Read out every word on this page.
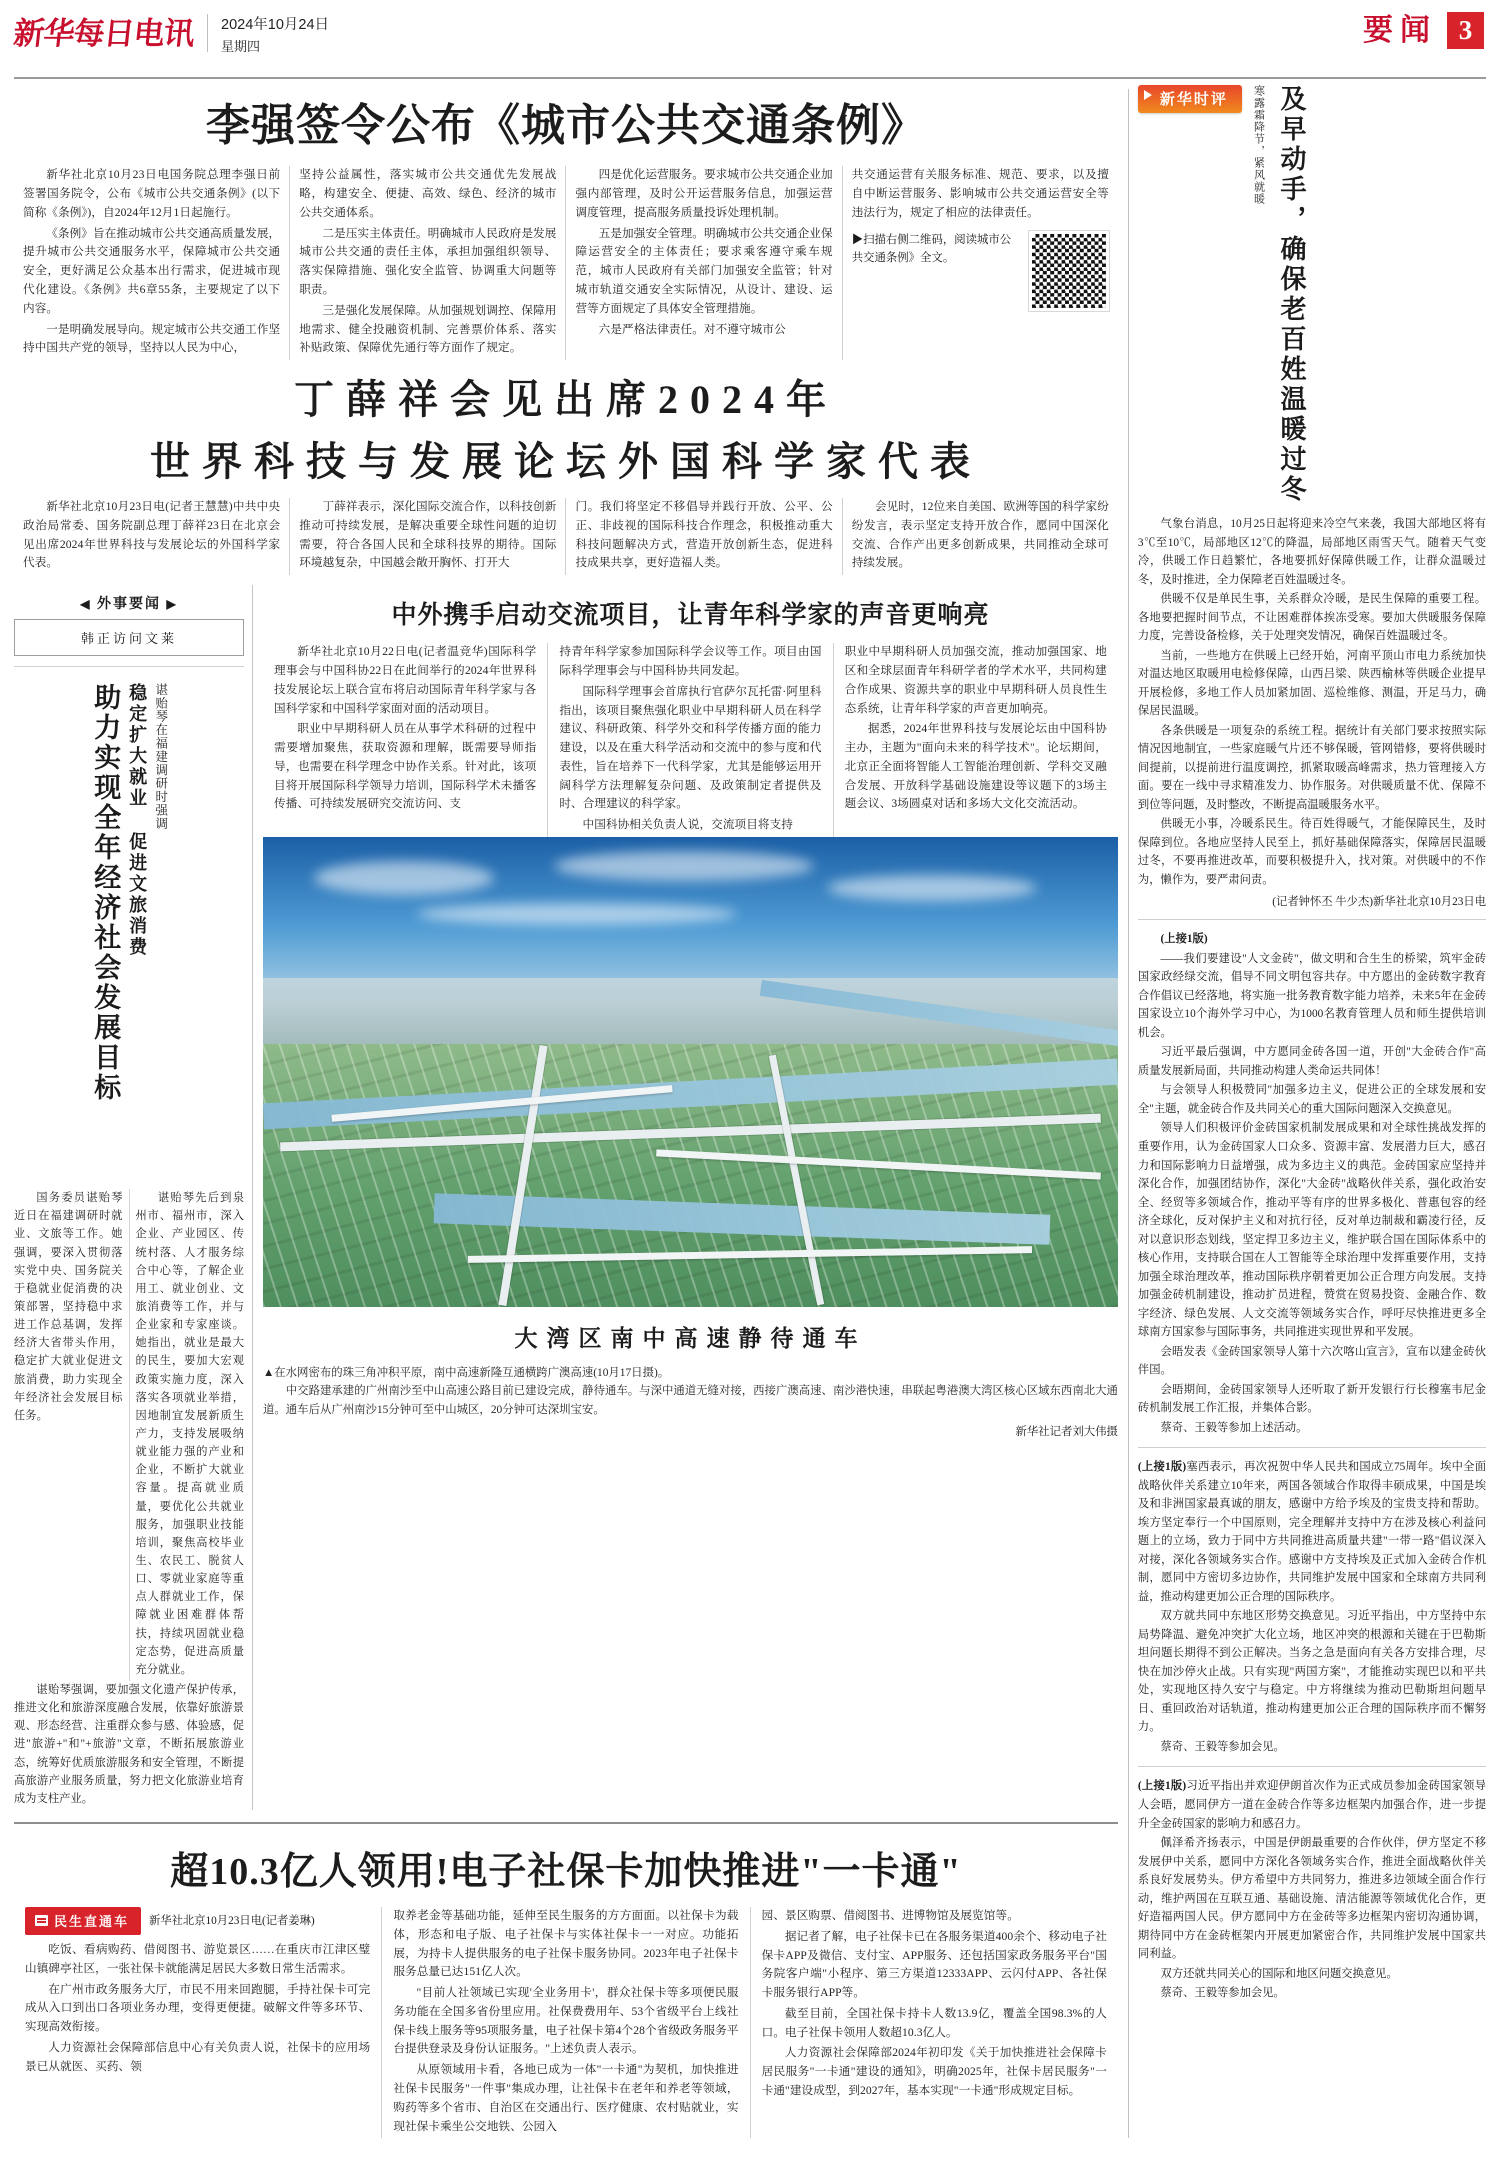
新华每日电讯 2024年10月24日
星期四	要闻 3
李强签令公布《城市公共交通条例》

新华社北京10月23日电国务院总理李强日前签署国务院令，公布《城市公共交通条例》(以下简称《条例》)，自2024年12月1日起施行。

《条例》旨在推动城市公共交通高质量发展，提升城市公共交通服务水平，保障城市公共交通安全，更好满足公众基本出行需求，促进城市现代化建设。《条例》共6章55条，主要规定了以下内容。

一是明确发展导向。规定城市公共交通工作坚持中国共产党的领导，坚持以人民为中心，

坚持公益属性，落实城市公共交通优先发展战略，构建安全、便捷、高效、绿色、经济的城市公共交通体系。

二是压实主体责任。明确城市人民政府是发展城市公共交通的责任主体，承担加强组织领导、落实保障措施、强化安全监管、协调重大问题等职责。

三是强化发展保障。从加强规划调控、保障用地需求、健全投融资机制、完善票价体系、落实补贴政策、保障优先通行等方面作了规定。

四是优化运营服务。要求城市公共交通企业加强内部管理，及时公开运营服务信息，加强运营调度管理，提高服务质量投诉处理机制。

五是加强安全管理。明确城市公共交通企业保障运营安全的主体责任；要求乘客遵守乘车规范，城市人民政府有关部门加强安全监管；针对城市轨道交通安全实际情况，从设计、建设、运营等方面规定了具体安全管理措施。

六是严格法律责任。对不遵守城市公

共交通运营有关服务标准、规范、要求，以及擅自中断运营服务、影响城市公共交通运营安全等违法行为，规定了相应的法律责任。

▶扫描右侧二维码，阅读城市公共交通条例》全文。
丁薛祥会见出席2024年
世界科技与发展论坛外国科学家代表

新华社北京10月23日电(记者王慧慧)中共中央政治局常委、国务院副总理丁薛祥23日在北京会见出席2024年世界科技与发展论坛的外国科学家代表。

丁薛祥表示，深化国际交流合作，以科技创新推动可持续发展，是解决重要全球性问题的迫切需要，符合各国人民和全球科技界的期待。国际环境越复杂，中国越会敞开胸怀、打开大

门。我们将坚定不移倡导并践行开放、公平、公正、非歧视的国际科技合作理念，积极推动重大科技问题解决方式，营造开放创新生态，促进科技成果共享，更好造福人类。

会见时，12位来自美国、欧洲等国的科学家纷纷发言，表示坚定支持开放合作，愿同中国深化交流、合作产出更多创新成果，共同推动全球可持续发展。

◀ 外事要闻 ▶
韩正访问文莱
谌贻琴在福建调研时强调
稳定扩大就业 促进文旅消费
助力实现全年经济社会发展目标

国务委员谌贻琴近日在福建调研时就业、文旅等工作。她强调，要深入贯彻落实党中央、国务院关于稳就业促消费的决策部署，坚持稳中求进工作总基调，发挥经济大省带头作用，稳定扩大就业促进文旅消费，助力实现全年经济社会发展目标任务。

谌贻琴先后到泉州市、福州市，深入企业、产业园区、传统村落、人才服务综合中心等，了解企业用工、就业创业、文旅消费等工作，并与企业家和专家座谈。她指出，就业是最大的民生，要加大宏观政策实施力度，深入落实各项就业举措，因地制宜发展新质生产力，支持发展吸纳就业能力强的产业和企业，不断扩大就业容量。提高就业质量，要优化公共就业服务，加强职业技能培训，聚焦高校毕业生、农民工、脱贫人口、零就业家庭等重点人群就业工作，保障就业困难群体帮扶，持续巩固就业稳定态势，促进高质量充分就业。

谌贻琴强调，要加强文化遗产保护传承，推进文化和旅游深度融合发展，依靠好旅游景观、形态经营、注重群众参与感、体验感，促进"旅游+"和"+旅游"文章，不断拓展旅游业态，统筹好优质旅游服务和安全管理，不断提高旅游产业服务质量，努力把文化旅游业培育成为支柱产业。

中外携手启动交流项目，让青年科学家的声音更响亮

新华社北京10月22日电(记者温竞华)国际科学理事会与中国科协22日在此间举行的2024年世界科技发展论坛上联合宣布将启动国际青年科学家与各国科学家和中国科学家面对面的活动项目。

职业中早期科研人员在从事学术科研的过程中需要增加聚焦，获取资源和理解，既需要导师指导，也需要在科学理念中协作关系。针对此，该项目将开展国际科学领导力培训，国际科学术未播客传播、可持续发展研究交流访问、支

持青年科学家参加国际科学会议等工作。项目由国际科学理事会与中国科协共同发起。

国际科学理事会首席执行官萨尔瓦托雷·阿里科指出，该项目聚焦强化职业中早期科研人员在科学建议、科研政策、科学外交和科学传播方面的能力建设，以及在重大科学活动和交流中的参与度和代表性，旨在培养下一代科学家，尤其是能够运用开阔科学方法理解复杂问题、及政策制定者提供及时、合理建议的科学家。

中国科协相关负责人说，交流项目将支持

职业中早期科研人员加强交流，推动加强国家、地区和全球层面青年科研学者的学术水平，共同构建合作成果、资源共享的职业中早期科研人员良性生态系统，让青年科学家的声音更加响亮。

据悉，2024年世界科技与发展论坛由中国科协主办，主题为"面向未来的科学技术"。论坛期间，北京正全面将智能人工智能治理创新、学科交叉融合发展、开放科学基础设施建设等议题下的3场主题会议、3场圆桌对话和多场大文化交流活动。

大湾区南中高速静待通车

▲在水网密布的珠三角冲积平原，南中高速新隆互通横跨广澳高速(10月17日摄)。

中交路建承建的广州南沙至中山高速公路目前已建设完成，静待通车。与深中通道无缝对接，西接广澳高速、南沙港快速，串联起粤港澳大湾区核心区域东西南北大通道。通车后从广州南沙15分钟可至中山城区，20分钟可达深圳宝安。

新华社记者刘大伟摄
超10.3亿人领用!电子社保卡加快推进"一卡通"
民生直通车 新华社北京10月23日电(记者姜琳)

吃饭、看病购药、借阅图书、游览景区……在重庆市江津区璧山镇碑亭社区，一张社保卡就能满足居民大多数日常生活需求。

在广州市政务服务大厅，市民不用来回跑腿，手持社保卡可完成从入口到出口各项业务办理，变得更便捷。破解文件等多环节、实现高效衔接。

人力资源社会保障部信息中心有关负责人说，社保卡的应用场景已从就医、买药、领

取养老金等基础功能，延伸至民生服务的方方面面。以社保卡为载体，形态和电子版、电子社保卡与实体社保卡一一对应。功能拓展，为持卡人提供服务的电子社保卡服务协同。2023年电子社保卡服务总量已达151亿人次。

"目前人社领域已实现'全业务用卡'，群众社保卡等多项便民服务功能在全国多省份里应用。社保费费用年、53个省级平台上线社保卡线上服务等95项服务量，电子社保卡第4个28个省级政务服务平台提供登录及身份认证服务。"上述负责人表示。

从原领域用卡看，各地已成为一体"一卡通"为契机，加快推进社保卡民服务"一件事"集成办理，让社保卡在老年和养老等领域，购药等多个省市、自治区在交通出行、医疗健康、农村贴就业，实现社保卡乘坐公交地铁、公园入

园、景区购票、借阅图书、进博物馆及展览馆等。

据记者了解，电子社保卡已在各服务渠道400余个、移动电子社保卡APP及微信、支付宝、APP服务、还包括国家政务服务平台"国务院客户端"小程序、第三方渠道12333APP、云闪付APP、各社保卡服务银行APP等。

截至目前，全国社保卡持卡人数13.9亿，覆盖全国98.3%的人口。电子社保卡领用人数超10.3亿人。

人力资源社会保障部2024年初印发《关于加快推进社会保障卡居民服务"一卡通"建设的通知》，明确2025年，社保卡居民服务"一卡通"建设成型，到2027年，基本实现"一卡通"形成规定目标。

新华时评	寒露霜降节，紧风就暖 及早动手，确保老百姓温暖过冬

气象台消息，10月25日起将迎来冷空气来袭，我国大部地区将有3℃至10℃，局部地区12℃的降温，局部地区雨雪天气。随着天气变冷，供暖工作日趋繁忙，各地要抓好保障供暖工作，让群众温暖过冬，及时推进，全力保障老百姓温暖过冬。

供暖不仅是单民生事，关系群众冷暖，是民生保障的重要工程。各地要把握时间节点，不让困难群体挨冻受寒。要加大供暖服务保障力度，完善设备检修，关于处理突发情况，确保百姓温暖过冬。

当前，一些地方在供暖上已经开始，河南平顶山市电力系统加快对温达地区取暖用电检修保障，山西吕梁、陕西榆林等供暖企业提早开展检修，多地工作人员加紧加固、巡检维修、测温，开足马力，确保居民温暖。

各条供暖是一项复杂的系统工程。据统计有关部门要求按照实际情况因地制宜，一些家庭暖气片还不够保暖，管网错修，要将供暖时间提前，以提前进行温度调控，抓紧取暖高峰需求，热力管理接入方面。要在一线中寻求精准发力、协作服务。对供暖质量不优、保障不到位等问题，及时整改，不断提高温暖服务水平。

供暖无小事，冷暖系民生。待百姓得暖气，才能保障民生，及时保障到位。各地应坚持人民至上，抓好基础保障落实，保障居民温暖过冬，不要再推进改革，而要积极提升入，找对策。对供暖中的不作为，懒作为，要严肃问责。

(记者钟怀丕 牛少杰)新华社北京10月23日电

(上接1版)

——我们要建设"人文金砖"，做文明和合生生的桥梁，筑牢金砖国家政经绿交流，倡导不同文明包容共存。中方愿出的金砖数字教育合作倡议已经落地，将实施一批务教育数字能力培养，未来5年在金砖国家设立10个海外学习中心，为1000名教育管理人员和师生提供培训机会。

习近平最后强调，中方愿同金砖各国一道，开创"大金砖合作"高质量发展新局面，共同推动构建人类命运共同体！

与会领导人积极赞同"加强多边主义，促进公正的全球发展和安全"主题，就金砖合作及共同关心的重大国际问题深入交换意见。

领导人们积极评价金砖国家机制发展成果和对全球性挑战发挥的重要作用，认为金砖国家人口众多、资源丰富、发展潜力巨大，感召力和国际影响力日益增强，成为多边主义的典范。金砖国家应坚持并深化合作，加强团结协作，深化"大金砖"战略伙伴关系，强化政治安全、经贸等多领域合作，推动平等有序的世界多极化、普惠包容的经济全球化，反对保护主义和对抗行径，反对单边制裁和霸凌行径，反对以意识形态划线，坚定捍卫多边主义，维护联合国在国际体系中的核心作用，支持联合国在人工智能等全球治理中发挥重要作用，支持加强全球治理改革，推动国际秩序朝着更加公正合理方向发展。支持加强金砖机制建设，推动扩员进程，赞赏在贸易投资、金融合作、数字经济、绿色发展、人文交流等领域务实合作，呼吁尽快推进更多全球南方国家参与国际事务，共同推进实现世界和平发展。

会晤发表《金砖国家领导人第十六次喀山宣言》，宣布以建金砖伙伴国。

会晤期间，金砖国家领导人还听取了新开发银行行长穆塞韦尼金砖机制发展工作汇报，并集体合影。

蔡奇、王毅等参加上述活动。

(上接1版)塞西表示，再次祝贺中华人民共和国成立75周年。埃中全面战略伙伴关系建立10年来，两国各领域合作取得丰硕成果，中国是埃及和非洲国家最真诚的朋友，感谢中方给予埃及的宝贵支持和帮助。埃方坚定奉行一个中国原则，完全理解并支持中方在涉及核心利益问题上的立场，致力于同中方共同推进高质量共建"一带一路"倡议深入对接，深化各领域务实合作。感谢中方支持埃及正式加入金砖合作机制，愿同中方密切多边协作，共同维护发展中国家和全球南方共同利益，推动构建更加公正合理的国际秩序。

双方就共同中东地区形势交换意见。习近平指出，中方坚持中东局势降温、避免冲突扩大化立场，地区冲突的根源和关键在于巴勒斯坦问题长期得不到公正解决。当务之急是面向有关各方安排合理，尽快在加沙停火止战。只有实现"两国方案"，才能推动实现巴以和平共处，实现地区持久安宁与稳定。中方将继续为推动巴勒斯坦问题早日、重回政治对话轨道，推动构建更加公正合理的国际秩序而不懈努力。

蔡奇、王毅等参加会见。

(上接1版)习近平指出并欢迎伊朗首次作为正式成员参加金砖国家领导人会晤，愿同伊方一道在金砖合作等多边框架内加强合作，进一步提升全金砖国家的影响力和感召力。

佩泽希齐扬表示，中国是伊朗最重要的合作伙伴，伊方坚定不移发展伊中关系，愿同中方深化各领域务实合作，推进全面战略伙伴关系良好发展势头。伊方希望中方共同努力，推进多边领域全面合作行动，维护两国在互联互通、基础设施、清洁能源等领域优化合作，更好造福两国人民。伊方愿同中方在金砖等多边框架内密切沟通协调，期待同中方在金砖框架内开展更加紧密合作，共同维护发展中国家共同利益。

双方还就共同关心的国际和地区问题交换意见。

蔡奇、王毅等参加会见。
